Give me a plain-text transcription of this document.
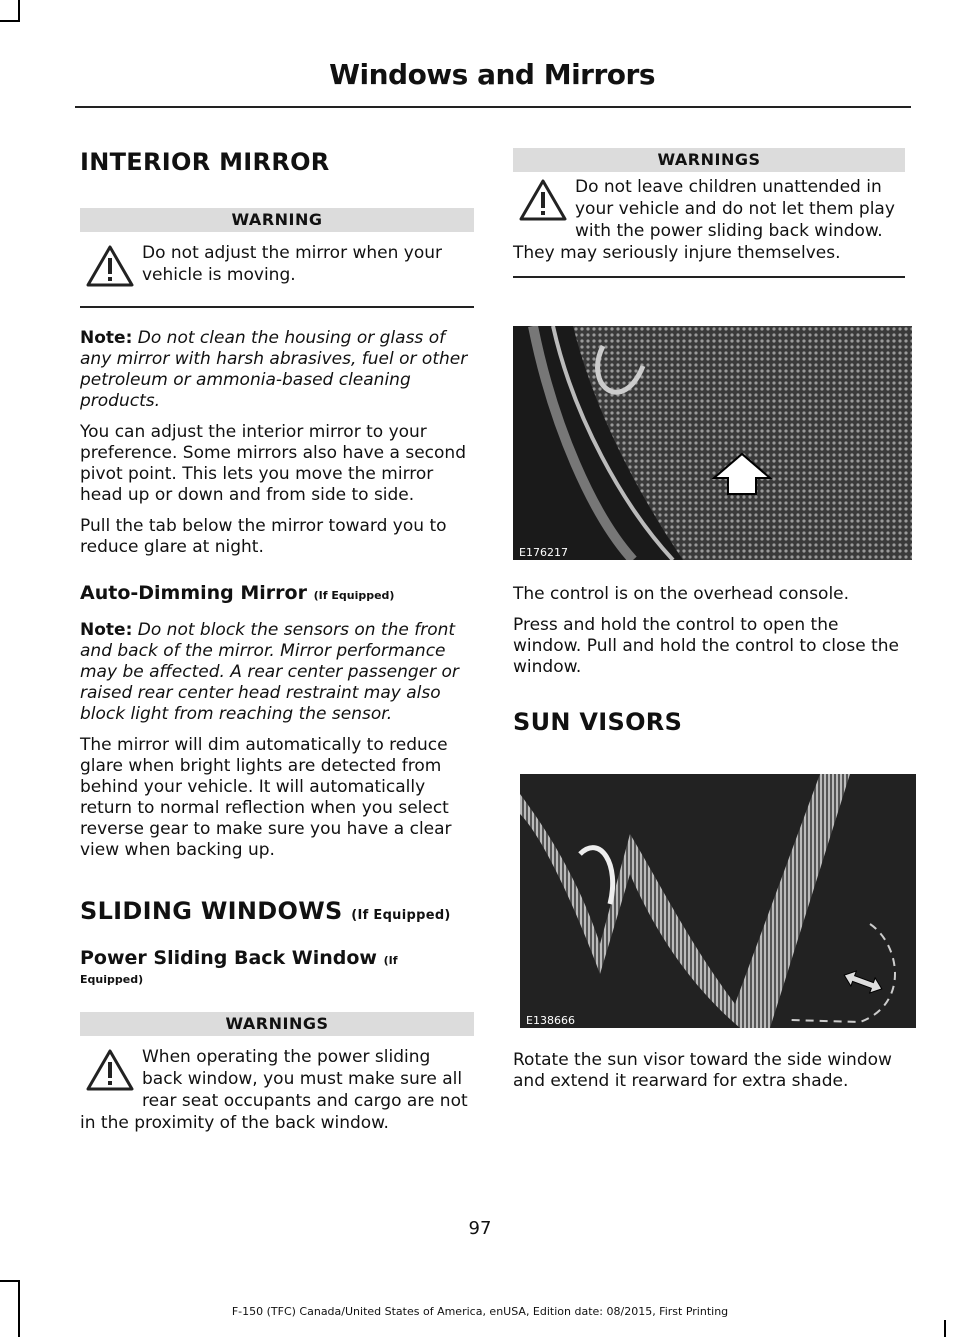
Windows and Mirrors
INTERIOR MIRROR
WARNING
Do not adjust the mirror when your vehicle is moving.

Note: Do not clean the housing or glass of any mirror with harsh abrasives, fuel or other petroleum or ammonia-based cleaning products.

You can adjust the interior mirror to your preference. Some mirrors also have a second pivot point. This lets you move the mirror head up or down and from side to side.

Pull the tab below the mirror toward you to reduce glare at night.

Auto-Dimming Mirror (If Equipped)

Note: Do not block the sensors on the front and back of the mirror. Mirror performance may be affected. A rear center passenger or raised rear center head restraint may also block light from reaching the sensor.

The mirror will dim automatically to reduce glare when bright lights are detected from behind your vehicle. It will automatically return to normal reflection when you select reverse gear to make sure you have a clear view when backing up.

SLIDING WINDOWS (If Equipped)
Power Sliding Back Window (If
Equipped)
WARNINGS
When operating the power sliding back window, you must make sure all rear seat occupants and cargo are not in the proximity of the back window.
WARNINGS
Do not leave children unattended in your vehicle and do not let them play with the power sliding back window. They may seriously injure themselves.
E176217

The control is on the overhead console.

Press and hold the control to open the window. Pull and hold the control to close the window.

SUN VISORS
E138666

Rotate the sun visor toward the side window and extend it rearward for extra shade.

97
F-150 (TFC) Canada/United States of America, enUSA, Edition date: 08/2015, First Printing
